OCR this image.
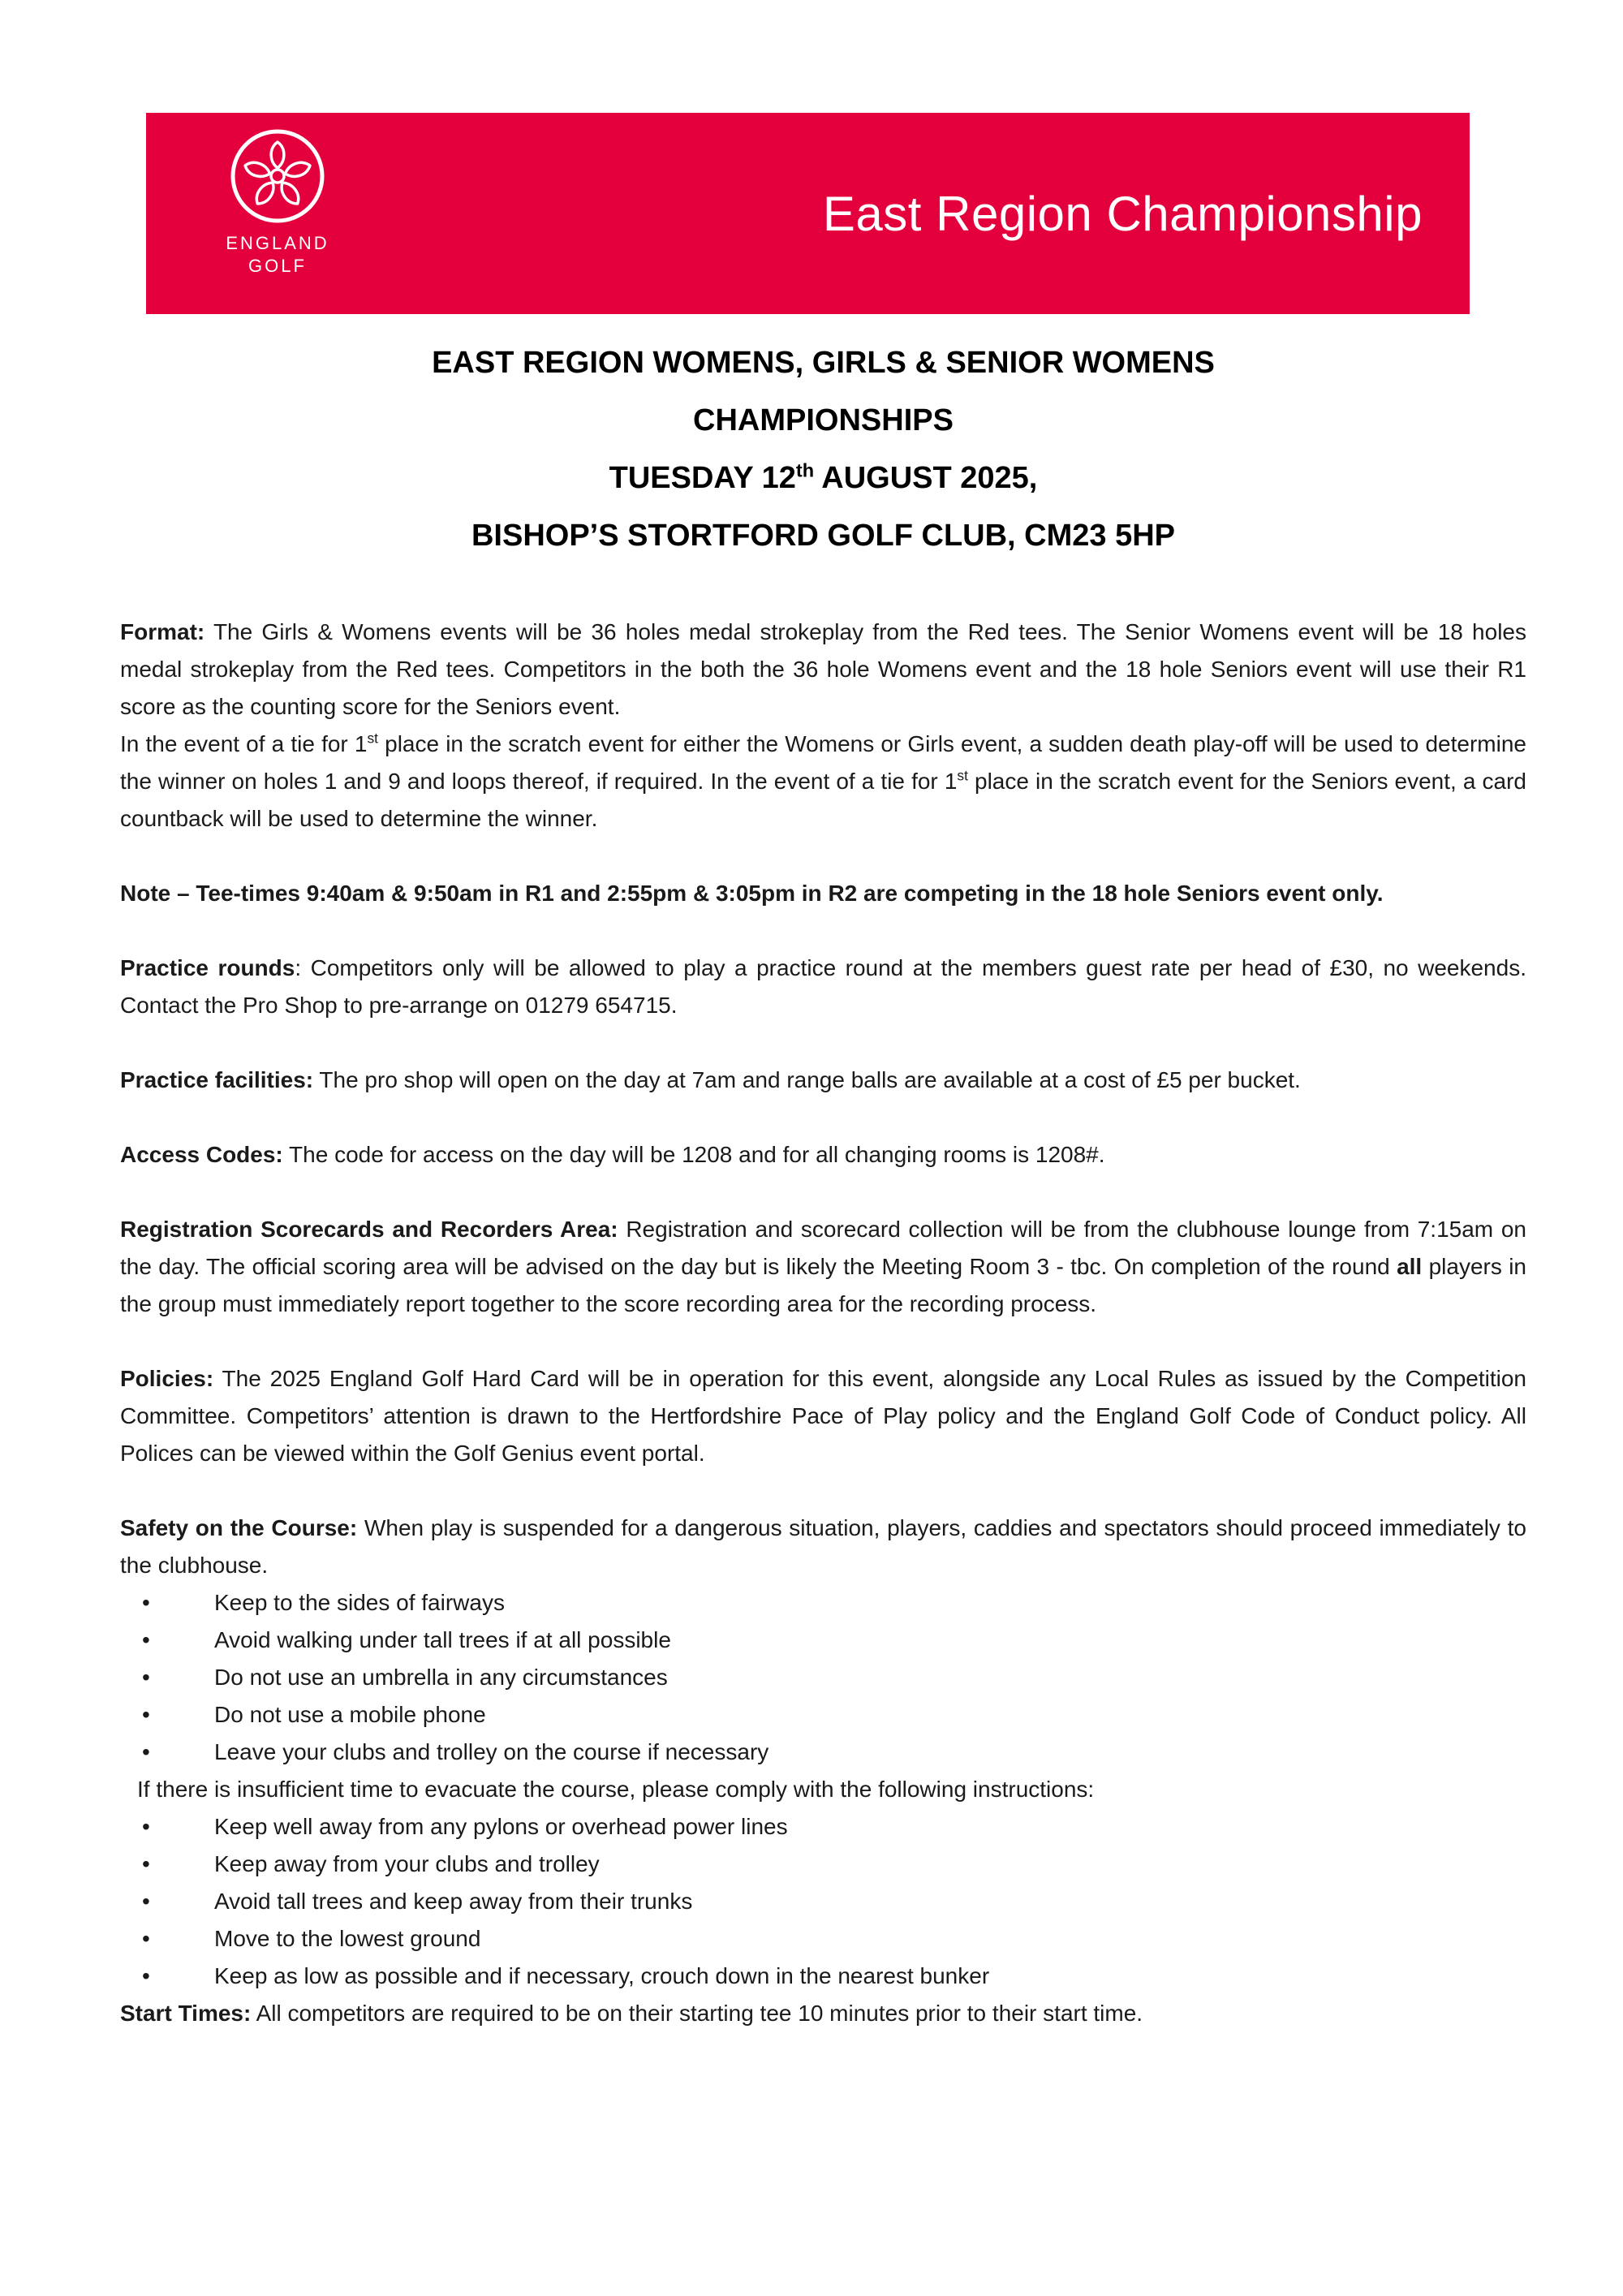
ENGLAND
GOLF
East Region Championship
EAST REGION WOMENS, GIRLS & SENIOR WOMENS
CHAMPIONSHIPS
TUESDAY 12th AUGUST 2025,
BISHOP’S STORTFORD GOLF CLUB, CM23 5HP

Format: The Girls & Womens events will be 36 holes medal strokeplay from the Red tees. The Senior Womens event will be 18 holes medal strokeplay from the Red tees. Competitors in the both the 36 hole Womens event and the 18 hole Seniors event will use their R1 score as the counting score for the Seniors event.
In the event of a tie for 1st place in the scratch event for either the Womens or Girls event, a sudden death play-off will be used to determine the winner on holes 1 and 9 and loops thereof, if required. In the event of a tie for 1st place in the scratch event for the Seniors event, a card countback will be used to determine the winner.

Note – Tee-times 9:40am & 9:50am in R1 and 2:55pm & 3:05pm in R2 are competing in the 18 hole Seniors event only.

Practice rounds: Competitors only will be allowed to play a practice round at the members guest rate per head of £30, no weekends. Contact the Pro Shop to pre-arrange on 01279 654715.

Practice facilities: The pro shop will open on the day at 7am and range balls are available at a cost of £5 per bucket.

Access Codes: The code for access on the day will be 1208 and for all changing rooms is 1208#.

Registration Scorecards and Recorders Area: Registration and scorecard collection will be from the clubhouse lounge from 7:15am on the day. The official scoring area will be advised on the day but is likely the Meeting Room 3 - tbc. On completion of the round all players in the group must immediately report together to the score recording area for the recording process.

Policies: The 2025 England Golf Hard Card will be in operation for this event, alongside any Local Rules as issued by the Competition Committee. Competitors’ attention is drawn to the Hertfordshire Pace of Play policy and the England Golf Code of Conduct policy. All Polices can be viewed within the Golf Genius event portal.

Safety on the Course: When play is suspended for a dangerous situation, players, caddies and spectators should proceed immediately to the clubhouse.

•	Keep to the sides of fairways
•	Avoid walking under tall trees if at all possible
•	Do not use an umbrella in any circumstances
•	Do not use a mobile phone
•	Leave your clubs and trolley on the course if necessary

If there is insufficient time to evacuate the course, please comply with the following instructions:

•	Keep well away from any pylons or overhead power lines
•	Keep away from your clubs and trolley
•	Avoid tall trees and keep away from their trunks
•	Move to the lowest ground
•	Keep as low as possible and if necessary, crouch down in the nearest bunker

Start Times: All competitors are required to be on their starting tee 10 minutes prior to their start time.
